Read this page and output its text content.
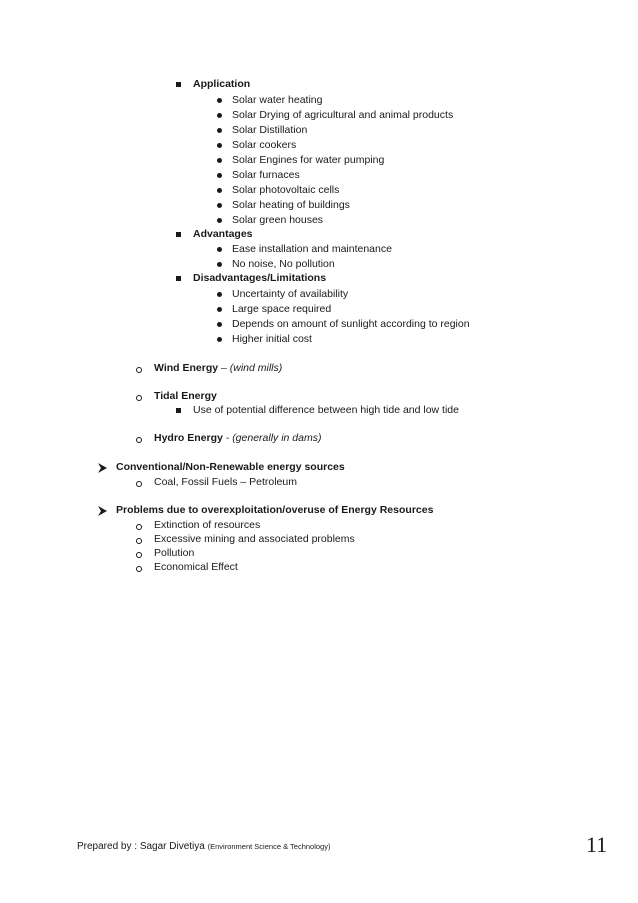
Application
Solar water heating
Solar Drying of agricultural and animal products
Solar Distillation
Solar cookers
Solar Engines for water pumping
Solar furnaces
Solar photovoltaic cells
Solar heating of buildings
Solar green houses
Advantages
Ease installation and maintenance
No noise, No pollution
Disadvantages/Limitations
Uncertainty of availability
Large space required
Depends on amount of sunlight according to region
Higher initial cost
Wind Energy – (wind mills)
Tidal Energy
Use of potential difference between high tide and low tide
Hydro Energy - (generally in dams)
Conventional/Non-Renewable energy sources
Coal, Fossil Fuels – Petroleum
Problems due to overexploitation/overuse of Energy Resources
Extinction of resources
Excessive mining and associated problems
Pollution
Economical Effect
Prepared by : Sagar Divetiya (Environment Science & Technology)	11
